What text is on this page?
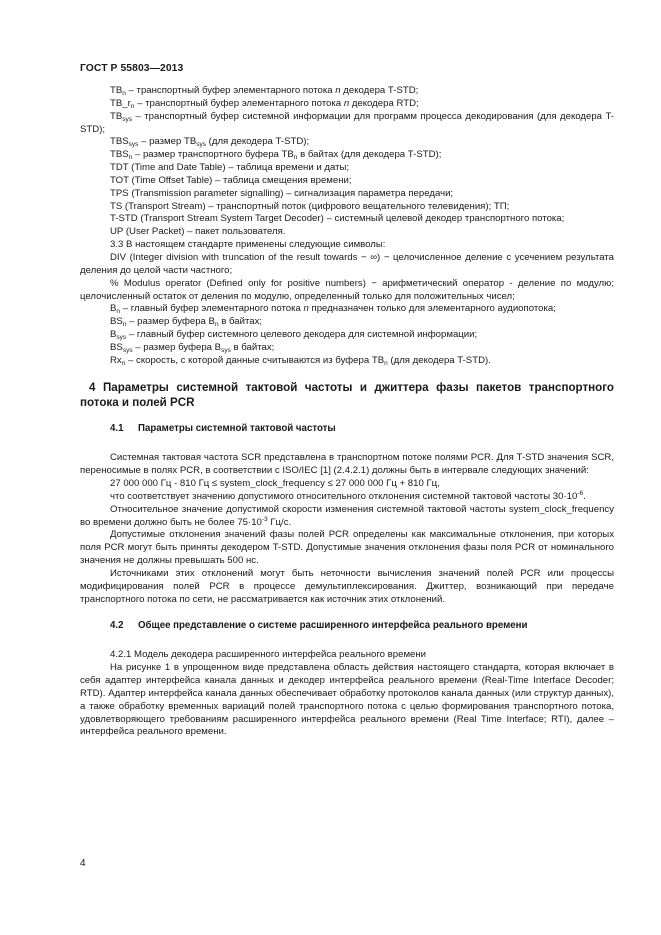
ГОСТ Р 55803—2013

$TB_n$ – транспортный буфер элементарного потока n декодера T-STD;

$TB\_r_n$ – транспортный буфер элементарного потока n декодера RTD;

$TB_{sys}$ – транспортный буфер системной информации для программ процесса декодирования (для декодера T-STD);

$TBS_{sys}$ – размер $TB_{sys}$ (для декодера T-STD);

$TBS_n$ – размер транспортного буфера $TB_n$ в байтах (для декодера T-STD);

TDT (Time and Date Table) – таблица времени и даты;

TOT (Time Offset Table) – таблица смещения времени;

TPS (Transmission parameter signalling) – сигнализация параметра передачи;

TS (Transport Stream) – транспортный поток (цифрового вещательного телевидения); ТП;

T-STD (Transport Stream System Target Decoder) – системный целевой декодер транспортного потока;

UP (User Packet) – пакет пользователя.

3.3 В настоящем стандарте применены следующие символы:

DIV (Integer division with truncation of the result towards − ∞) − целочисленное деление с усечением результата деления до целой части частного;

% Modulus operator (Defined only for positive numbers) − арифметический оператор - деление по модулю; целочисленный остаток от деления по модулю, определенный только для положительных чисел;

$B_n$ – главный буфер элементарного потока n предназначен только для элементарного аудиопотока;

$BS_n$ – размер буфера $B_n$ в байтах;

$B_{sys}$ – главный буфер системного целевого декодера для системной информации;

$BS_{sys}$ – размер буфера $B_{sys}$ в байтах;

$Rx_n$ – скорость, с которой данные считываются из буфера $TB_n$ (для декодера T-STD).

4 Параметры системной тактовой частоты и джиттера фазы пакетов транспортного потока и полей PCR
4.1 Параметры системной тактовой частоты

Системная тактовая частота SCR представлена в транспортном потоке полями PCR. Для T-STD значения SCR, переносимые в полях PCR, в соответствии с ISO/IEC [1] (2.4.2.1) должны быть в интервале следующих значений:

27 000 000 Гц - 810 Гц ≤ system_clock_frequency ≤ 27 000 000 Гц + 810 Гц,

что соответствует значению допустимого относительного отклонения системной тактовой частоты $30\cdot 10^{-6}$.

Относительное значение допустимой скорости изменения системной тактовой частоты system_clock_frequency во времени должно быть не более $75\cdot 10^{-3}$ Гц/с.

Допустимые отклонения значений фазы полей PCR определены как максимальные отклонения, при которых поля PCR могут быть приняты декодером T-STD. Допустимые значения отклонения фазы поля PCR от номинального значения не должны превышать 500 нс.

Источниками этих отклонений могут быть неточности вычисления значений полей PCR или процессы модифицирования полей PCR в процессе демультиплексирования. Джиттер, возникающий при передаче транспортного потока по сети, не рассматривается как источник этих отклонений.

4.2 Общее представление о системе расширенного интерфейса реального времени

4.2.1 Модель декодера расширенного интерфейса реального времени

На рисунке 1 в упрощенном виде представлена область действия настоящего стандарта, которая включает в себя адаптер интерфейса канала данных и декодер интерфейса реального времени (Real-Time Interface Decoder; RTD). Адаптер интерфейса канала данных обеспечивает обработку протоколов канала данных (или структур данных), а также обработку временных вариаций полей транспортного потока с целью формирования транспортного потока, удовлетворяющего требованиям расширенного интерфейса реального времени (Real Time Interface; RTI), далее – интерфейса реального времени.

4
